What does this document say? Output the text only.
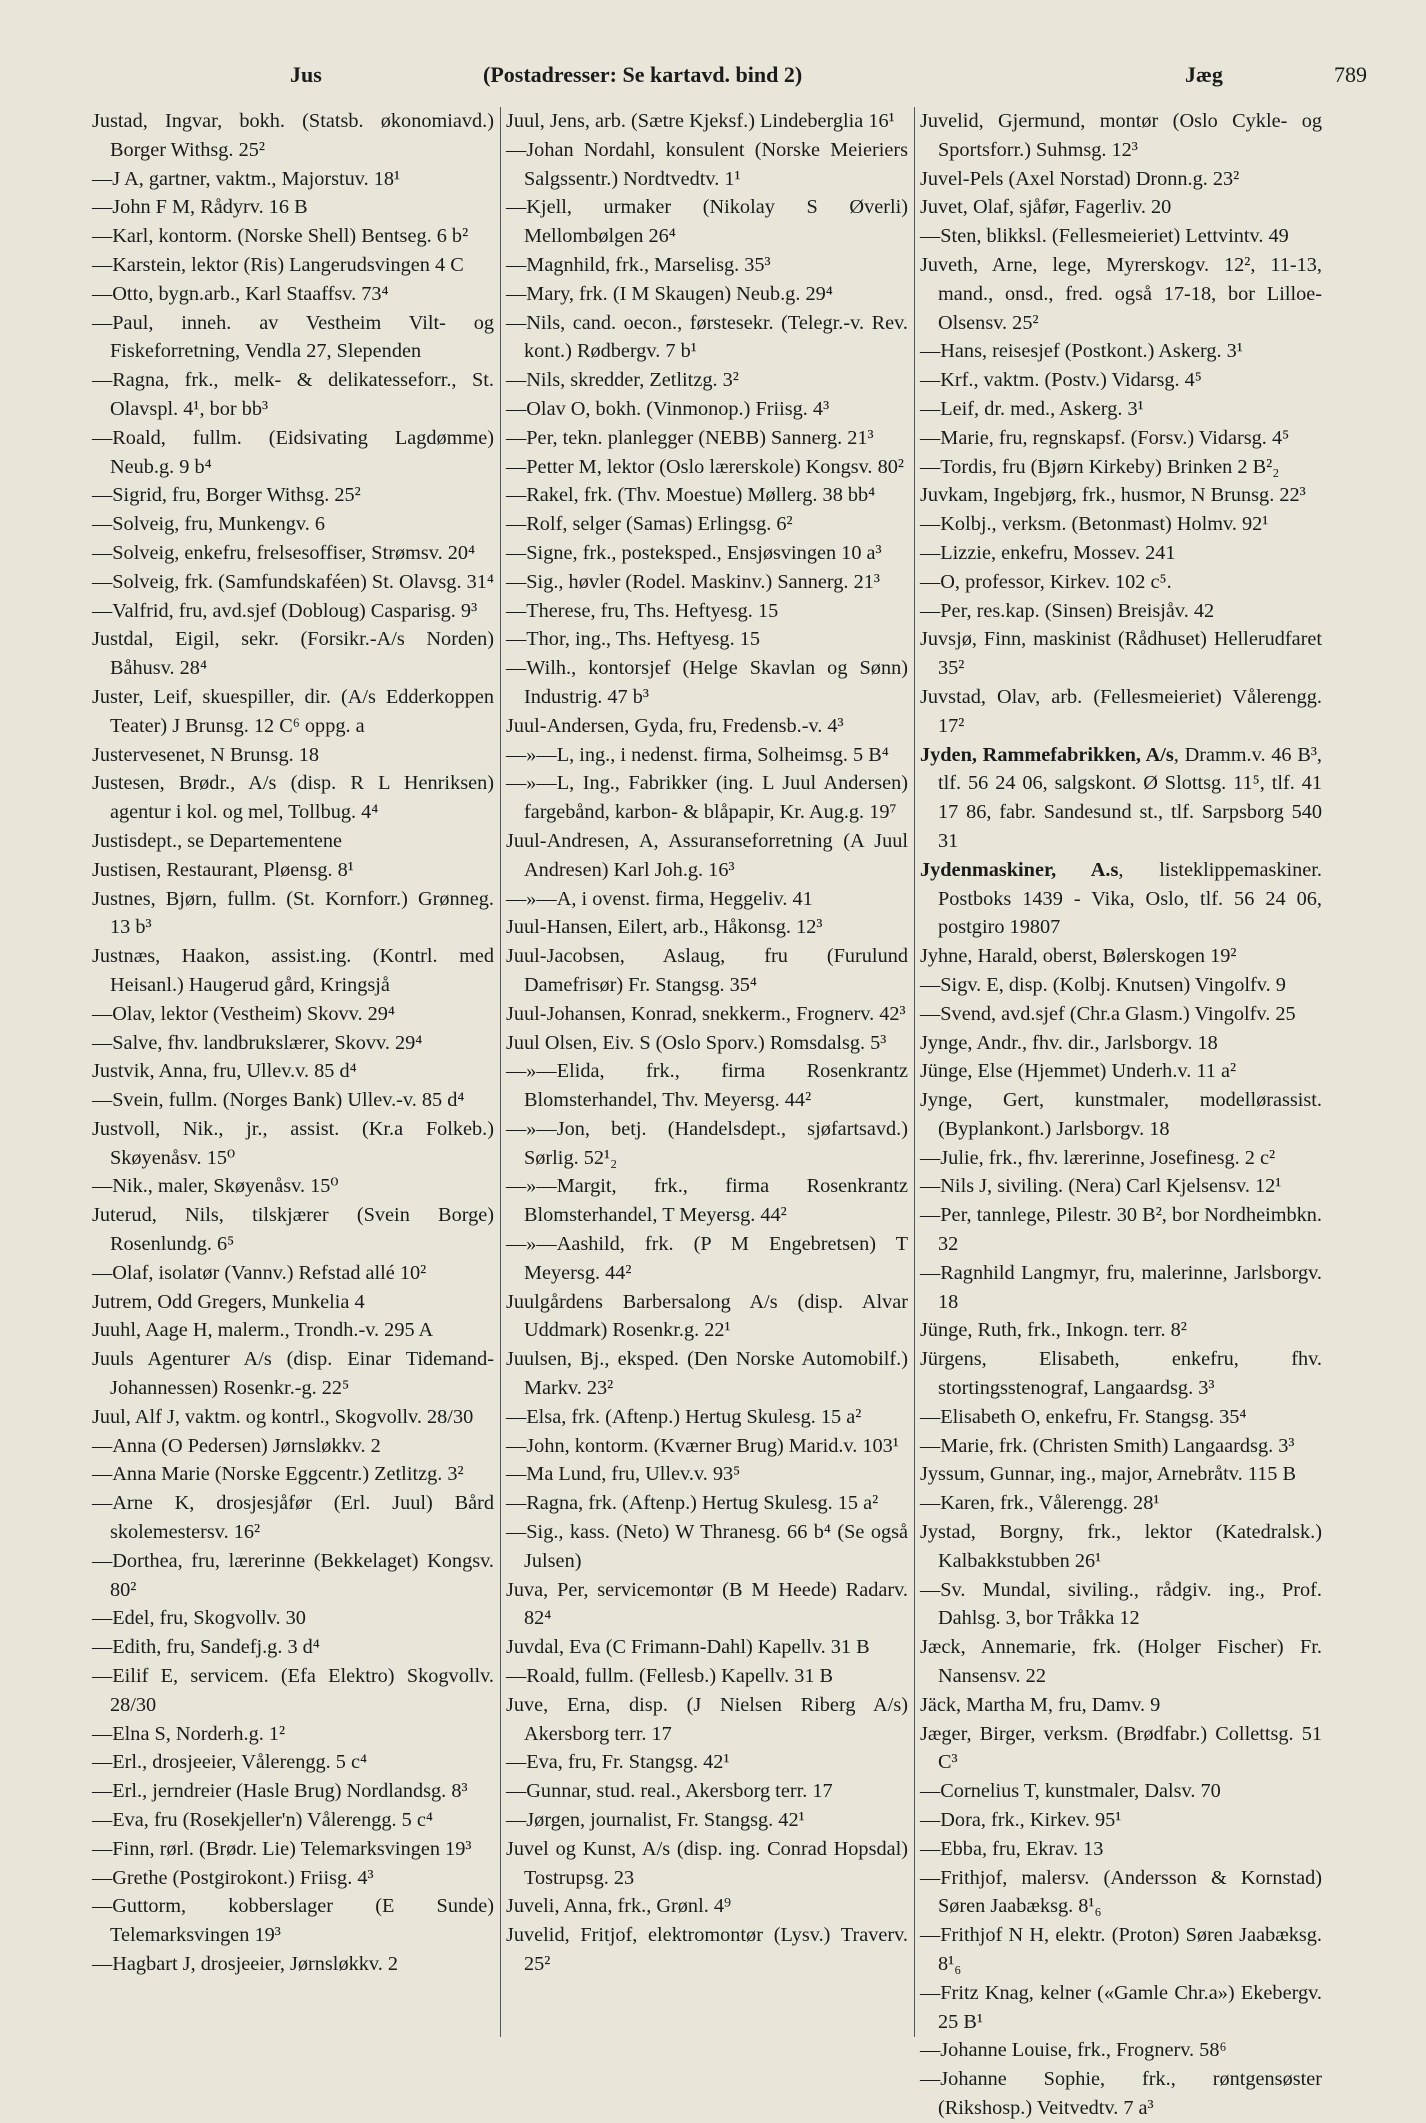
Jus	(Postadresser: Se kartavd. bind 2)	Jæg	789

Justad, Ingvar, bokh. (Statsb. økonomiavd.) Borger Withsg. 25²

—J A, gartner, vaktm., Majorstuv. 18¹

—John F M, Rådyrv. 16 B

—Karl, kontorm. (Norske Shell) Bentseg. 6 b²

—Karstein, lektor (Ris) Langerudsvingen 4 C

—Otto, bygn.arb., Karl Staaffsv. 73⁴

—Paul, inneh. av Vestheim Vilt- og Fiskeforretning, Vendla 27, Slependen

—Ragna, frk., melk- & delikatesseforr., St. Olavspl. 4¹, bor bb³

—Roald, fullm. (Eidsivating Lagdømme) Neub.g. 9 b⁴

—Sigrid, fru, Borger Withsg. 25²

—Solveig, fru, Munkengv. 6

—Solveig, enkefru, frelsesoffiser, Strømsv. 20⁴

—Solveig, frk. (Samfundskaféen) St. Olavsg. 31⁴

—Valfrid, fru, avd.sjef (Dobloug) Casparisg. 9³

Justdal, Eigil, sekr. (Forsikr.-A/s Norden) Båhusv. 28⁴

Juster, Leif, skuespiller, dir. (A/s Edderkoppen Teater) J Brunsg. 12 C⁶ oppg. a

Justervesenet, N Brunsg. 18

Justesen, Brødr., A/s (disp. R L Henriksen) agentur i kol. og mel, Tollbug. 4⁴

Justisdept., se Departementene

Justisen, Restaurant, Pløensg. 8¹

Justnes, Bjørn, fullm. (St. Kornforr.) Grønneg. 13 b³

Justnæs, Haakon, assist.ing. (Kontrl. med Heisanl.) Haugerud gård, Kringsjå

—Olav, lektor (Vestheim) Skovv. 29⁴

—Salve, fhv. landbrukslærer, Skovv. 29⁴

Justvik, Anna, fru, Ullev.v. 85 d⁴

—Svein, fullm. (Norges Bank) Ullev.-v. 85 d⁴

Justvoll, Nik., jr., assist. (Kr.a Folkeb.) Skøyenåsv. 15⁰

—Nik., maler, Skøyenåsv. 15⁰

Juterud, Nils, tilskjærer (Svein Borge) Rosenlundg. 6⁵

—Olaf, isolatør (Vannv.) Refstad allé 10²

Jutrem, Odd Gregers, Munkelia 4

Juuhl, Aage H, malerm., Trondh.-v. 295 A

Juuls Agenturer A/s (disp. Einar Tidemand-Johannessen) Rosenkr.-g. 22⁵

Juul, Alf J, vaktm. og kontrl., Skogvollv. 28/30

—Anna (O Pedersen) Jørnsløkkv. 2

—Anna Marie (Norske Eggcentr.) Zetlitzg. 3²

—Arne K, drosjesjåfør (Erl. Juul) Bård skolemestersv. 16²

—Dorthea, fru, lærerinne (Bekkelaget) Kongsv. 80²

—Edel, fru, Skogvollv. 30

—Edith, fru, Sandefj.g. 3 d⁴

—Eilif E, servicem. (Efa Elektro) Skogvollv. 28/30

—Elna S, Norderh.g. 1²

—Erl., drosjeeier, Vålerengg. 5 c⁴

—Erl., jerndreier (Hasle Brug) Nordlandsg. 8³

—Eva, fru (Rosekjeller'n) Vålerengg. 5 c⁴

—Finn, rørl. (Brødr. Lie) Telemarksvingen 19³

—Grethe (Postgirokont.) Friisg. 4³

—Guttorm, kobberslager (E Sunde) Telemarksvingen 19³

—Hagbart J, drosjeeier, Jørnsløkkv. 2

Juul, Jens, arb. (Sætre Kjeksf.) Lindebergliа 16¹

—Johan Nordahl, konsulent (Norske Meieriers Salgssentr.) Nordtvedtv. 1¹

—Kjell, urmaker (Nikolay S Øverli) Mellombølgen 26⁴

—Magnhild, frk., Marselisg. 35³

—Mary, frk. (I M Skaugen) Neub.g. 29⁴

—Nils, cand. oecon., førstesekr. (Telegr.-v. Rev. kont.) Rødbergv. 7 b¹

—Nils, skredder, Zetlitzg. 3²

—Olav O, bokh. (Vinmonop.) Friisg. 4³

—Per, tekn. planlegger (NEBB) Sannerg. 21³

—Petter M, lektor (Oslo lærerskole) Kongsv. 80²

—Rakel, frk. (Thv. Moestue) Møllerg. 38 bb⁴

—Rolf, selger (Samas) Erlingsg. 6²

—Signe, frk., posteksped., Ensjøsvingen 10 a³

—Sig., høvler (Rodel. Maskinv.) Sannerg. 21³

—Therese, fru, Ths. Heftyesg. 15

—Thor, ing., Ths. Heftyesg. 15

—Wilh., kontorsjef (Helge Skavlan og Sønn) Industrig. 47 b³

Juul-Andersen, Gyda, fru, Fredensb.-v. 4³

—»—L, ing., i nedenst. firma, Solheimsg. 5 B⁴

—»—L, Ing., Fabrikker (ing. L Juul Andersen) fargebånd, karbon- & blåpapir, Kr. Aug.g. 19⁷

Juul-Andresen, A, Assuranseforretning (A Juul Andresen) Karl Joh.g. 16³

—»—A, i ovenst. firma, Heggeliv. 41

Juul-Hansen, Eilert, arb., Håkonsg. 12³

Juul-Jacobsen, Aslaug, fru (Furulund Damefrisør) Fr. Stangsg. 35⁴

Juul-Johansen, Konrad, snekkerm., Frognerv. 42³

Juul Olsen, Eiv. S (Oslo Sporv.) Romsdalsg. 5³

—»—Elida, frk., firma Rosenkrantz Blomsterhandel, Thv. Meyersg. 44²

—»—Jon, betj. (Handelsdept., sjøfartsavd.) Sørlig. 52¹₂

—»—Margit, frk., firma Rosenkrantz Blomsterhandel, T Meyersg. 44²

—»—Aashild, frk. (P M Engebretsen) T Meyersg. 44²

Juulgårdens Barbersalong A/s (disp. Alvar Uddmark) Rosenkr.g. 22¹

Juulsen, Bj., eksped. (Den Norske Automobilf.) Markv. 23²

—Elsa, frk. (Aftenp.) Hertug Skulesg. 15 a²

—John, kontorm. (Kværner Brug) Marid.v. 103¹

—Ma Lund, fru, Ullev.v. 93⁵

—Ragna, frk. (Aftenp.) Hertug Skulesg. 15 a²

—Sig., kass. (Neto) W Thranesg. 66 b⁴ (Se også Julsen)

Juva, Per, servicemontør (B M Heede) Radarv. 82⁴

Juvdal, Eva (C Frimann-Dahl) Kapellv. 31 B

—Roald, fullm. (Fellesb.) Kapellv. 31 B

Juve, Erna, disp. (J Nielsen Riberg A/s) Akersborg terr. 17

—Eva, fru, Fr. Stangsg. 42¹

—Gunnar, stud. real., Akersborg terr. 17

—Jørgen, journalist, Fr. Stangsg. 42¹

Juvel og Kunst, A/s (disp. ing. Conrad Hopsdal) Tostrupsg. 23

Juveli, Anna, frk., Grønl. 4⁹

Juvelid, Fritjof, elektromontør (Lysv.) Traverv. 25²

Juvelid, Gjermund, montør (Oslo Cykle- og Sportsforr.) Suhmsg. 12³

Juvel-Pels (Axel Norstad) Dronn.g. 23²

Juvet, Olaf, sjåfør, Fagerliv. 20

—Sten, blikksl. (Fellesmeieriet) Lettvintv. 49

Juveth, Arne, lege, Myrerskogv. 12², 11-13, mand., onsd., fred. også 17-18, bor Lilloe-Olsensv. 25²

—Hans, reisesjef (Postkont.) Askerg. 3¹

—Krf., vaktm. (Postv.) Vidarsg. 4⁵

—Leif, dr. med., Askerg. 3¹

—Marie, fru, regnskapsf. (Forsv.) Vidarsg. 4⁵

—Tordis, fru (Bjørn Kirkeby) Brinken 2 B²₂

Juvkam, Ingebjørg, frk., husmor, N Brunsg. 22³

—Kolbj., verksm. (Betonmast) Holmv. 92¹

—Lizzie, enkefru, Mossev. 241

—O, professor, Kirkev. 102 c⁵.

—Per, res.kap. (Sinsen) Breisjåv. 42

Juvsjø, Finn, maskinist (Rådhuset) Hellerudfaret 35²

Juvstad, Olav, arb. (Fellesmeieriet) Vålerengg. 17²

Jyden, Rammefabrikken, A/s, Dramm.v. 46 B³, tlf. 56 24 06, salgskont. Ø Slottsg. 11⁵, tlf. 41 17 86, fabr. Sandesund st., tlf. Sarpsborg 540 31

Jydenmaskiner, A.s, listeklippemaskiner. Postboks 1439 - Vika, Oslo, tlf. 56 24 06, postgiro 19807

Jyhne, Harald, oberst, Bølerskogen 19²

—Sigv. E, disp. (Kolbj. Knutsen) Vingolfv. 9

—Svend, avd.sjef (Chr.a Glasm.) Vingolfv. 25

Jynge, Andr., fhv. dir., Jarlsborgv. 18

Jünge, Else (Hjemmet) Underh.v. 11 a²

Jynge, Gert, kunstmaler, modellørassist. (Byplankont.) Jarlsborgv. 18

—Julie, frk., fhv. lærerinne, Josefinesg. 2 c²

—Nils J, siviling. (Nera) Carl Kjelsensv. 12¹

—Per, tannlege, Pilestr. 30 B², bor Nordheimbkn. 32

—Ragnhild Langmyr, fru, malerinne, Jarlsborgv. 18

Jünge, Ruth, frk., Inkogn. terr. 8²

Jürgens, Elisabeth, enkefru, fhv. stortingsstenograf, Langaardsg. 3³

—Elisabeth O, enkefru, Fr. Stangsg. 35⁴

—Marie, frk. (Christen Smith) Langaardsg. 3³

Jyssum, Gunnar, ing., major, Arnebråtv. 115 B

—Karen, frk., Vålerengg. 28¹

Jystad, Borgny, frk., lektor (Katedralsk.) Kalbakkstubben 26¹

—Sv. Mundal, siviling., rådgiv. ing., Prof. Dahlsg. 3, bor Tråkka 12

Jæck, Annemarie, frk. (Holger Fischer) Fr. Nansensv. 22

Jäck, Martha M, fru, Damv. 9

Jæger, Birger, verksm. (Brødfabr.) Collettsg. 51 C³

—Cornelius T, kunstmaler, Dalsv. 70

—Dora, frk., Kirkev. 95¹

—Ebba, fru, Ekrav. 13

—Frithjof, malersv. (Andersson & Kornstad) Søren Jaabæksg. 8¹₆

—Frithjof N H, elektr. (Proton) Søren Jaabæksg. 8¹₆

—Fritz Knag, kelner («Gamle Chr.a») Ekebergv. 25 B¹

—Johanne Louise, frk., Frognerv. 58⁶

—Johanne Sophie, frk., røntgensøster (Rikshosp.) Veitvedtv. 7 a³
